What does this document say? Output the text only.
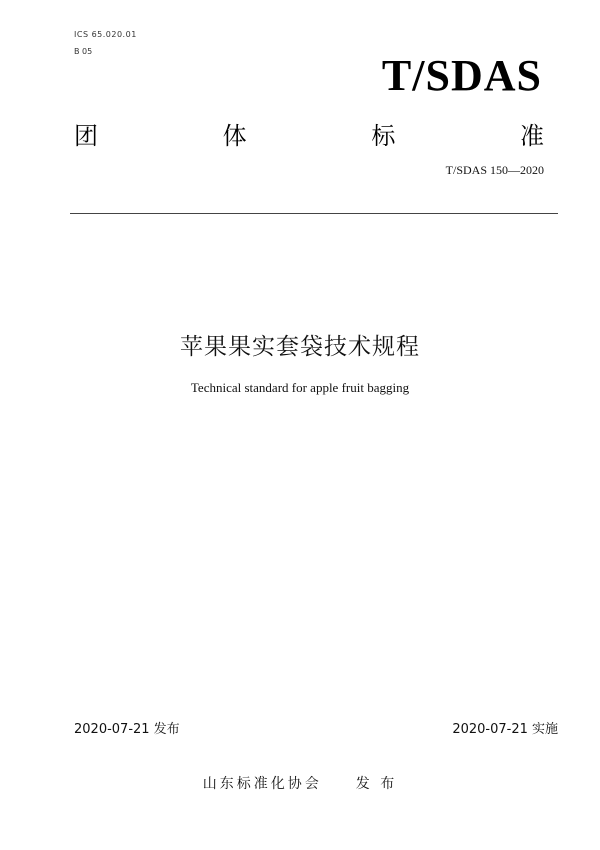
ICS 65.020.01
B 05	T/SDAS
团	体	标	准
T/SDAS 150—2020
苹果果实套袋技术规程
Technical standard for apple fruit bagging
2020-07-21 发布	2020-07-21 实施
山东标准化协会　　发 布
